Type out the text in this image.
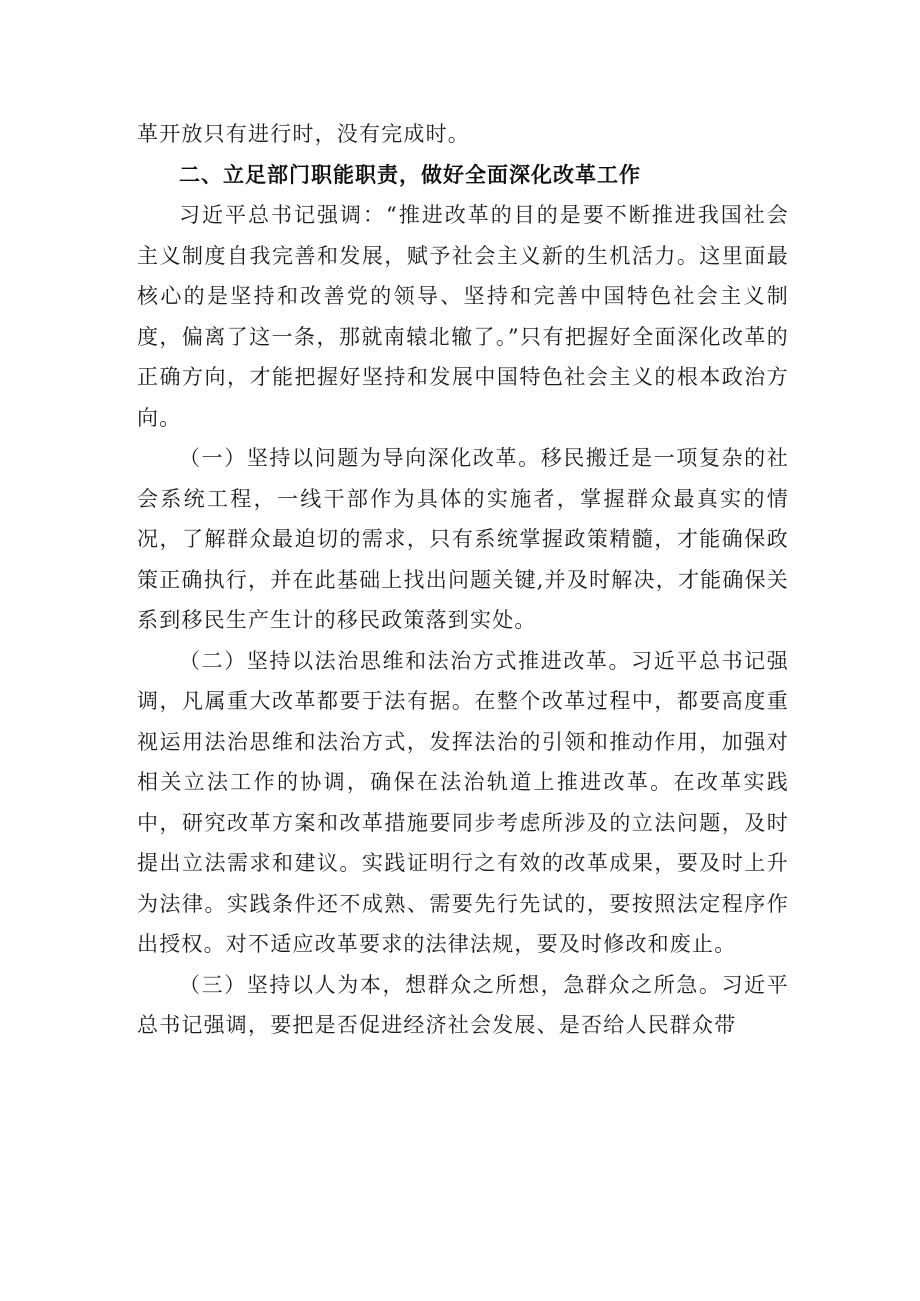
革开放只有进行时，没有完成时。

二、立足部门职能职责，做好全面深化改革工作

习近平总书记强调：“推进改革的目的是要不断推进我国社会主义制度自我完善和发展，赋予社会主义新的生机活力。这里面最核心的是坚持和改善党的领导、坚持和完善中国特色社会主义制度，偏离了这一条，那就南辕北辙了。”只有把握好全面深化改革的正确方向，才能把握好坚持和发展中国特色社会主义的根本政治方向。

（一）坚持以问题为导向深化改革。移民搬迁是一项复杂的社会系统工程，一线干部作为具体的实施者，掌握群众最真实的情况，了解群众最迫切的需求，只有系统掌握政策精髓，才能确保政策正确执行，并在此基础上找出问题关键,并及时解决，才能确保关系到移民生产生计的移民政策落到实处。

（二）坚持以法治思维和法治方式推进改革。习近平总书记强调，凡属重大改革都要于法有据。在整个改革过程中，都要高度重视运用法治思维和法治方式，发挥法治的引领和推动作用，加强对相关立法工作的协调，确保在法治轨道上推进改革。在改革实践中，研究改革方案和改革措施要同步考虑所涉及的立法问题，及时提出立法需求和建议。实践证明行之有效的改革成果，要及时上升为法律。实践条件还不成熟、需要先行先试的，要按照法定程序作出授权。对不适应改革要求的法律法规，要及时修改和废止。

（三）坚持以人为本，想群众之所想，急群众之所急。习近平总书记强调，要把是否促进经济社会发展、是否给人民群众带
